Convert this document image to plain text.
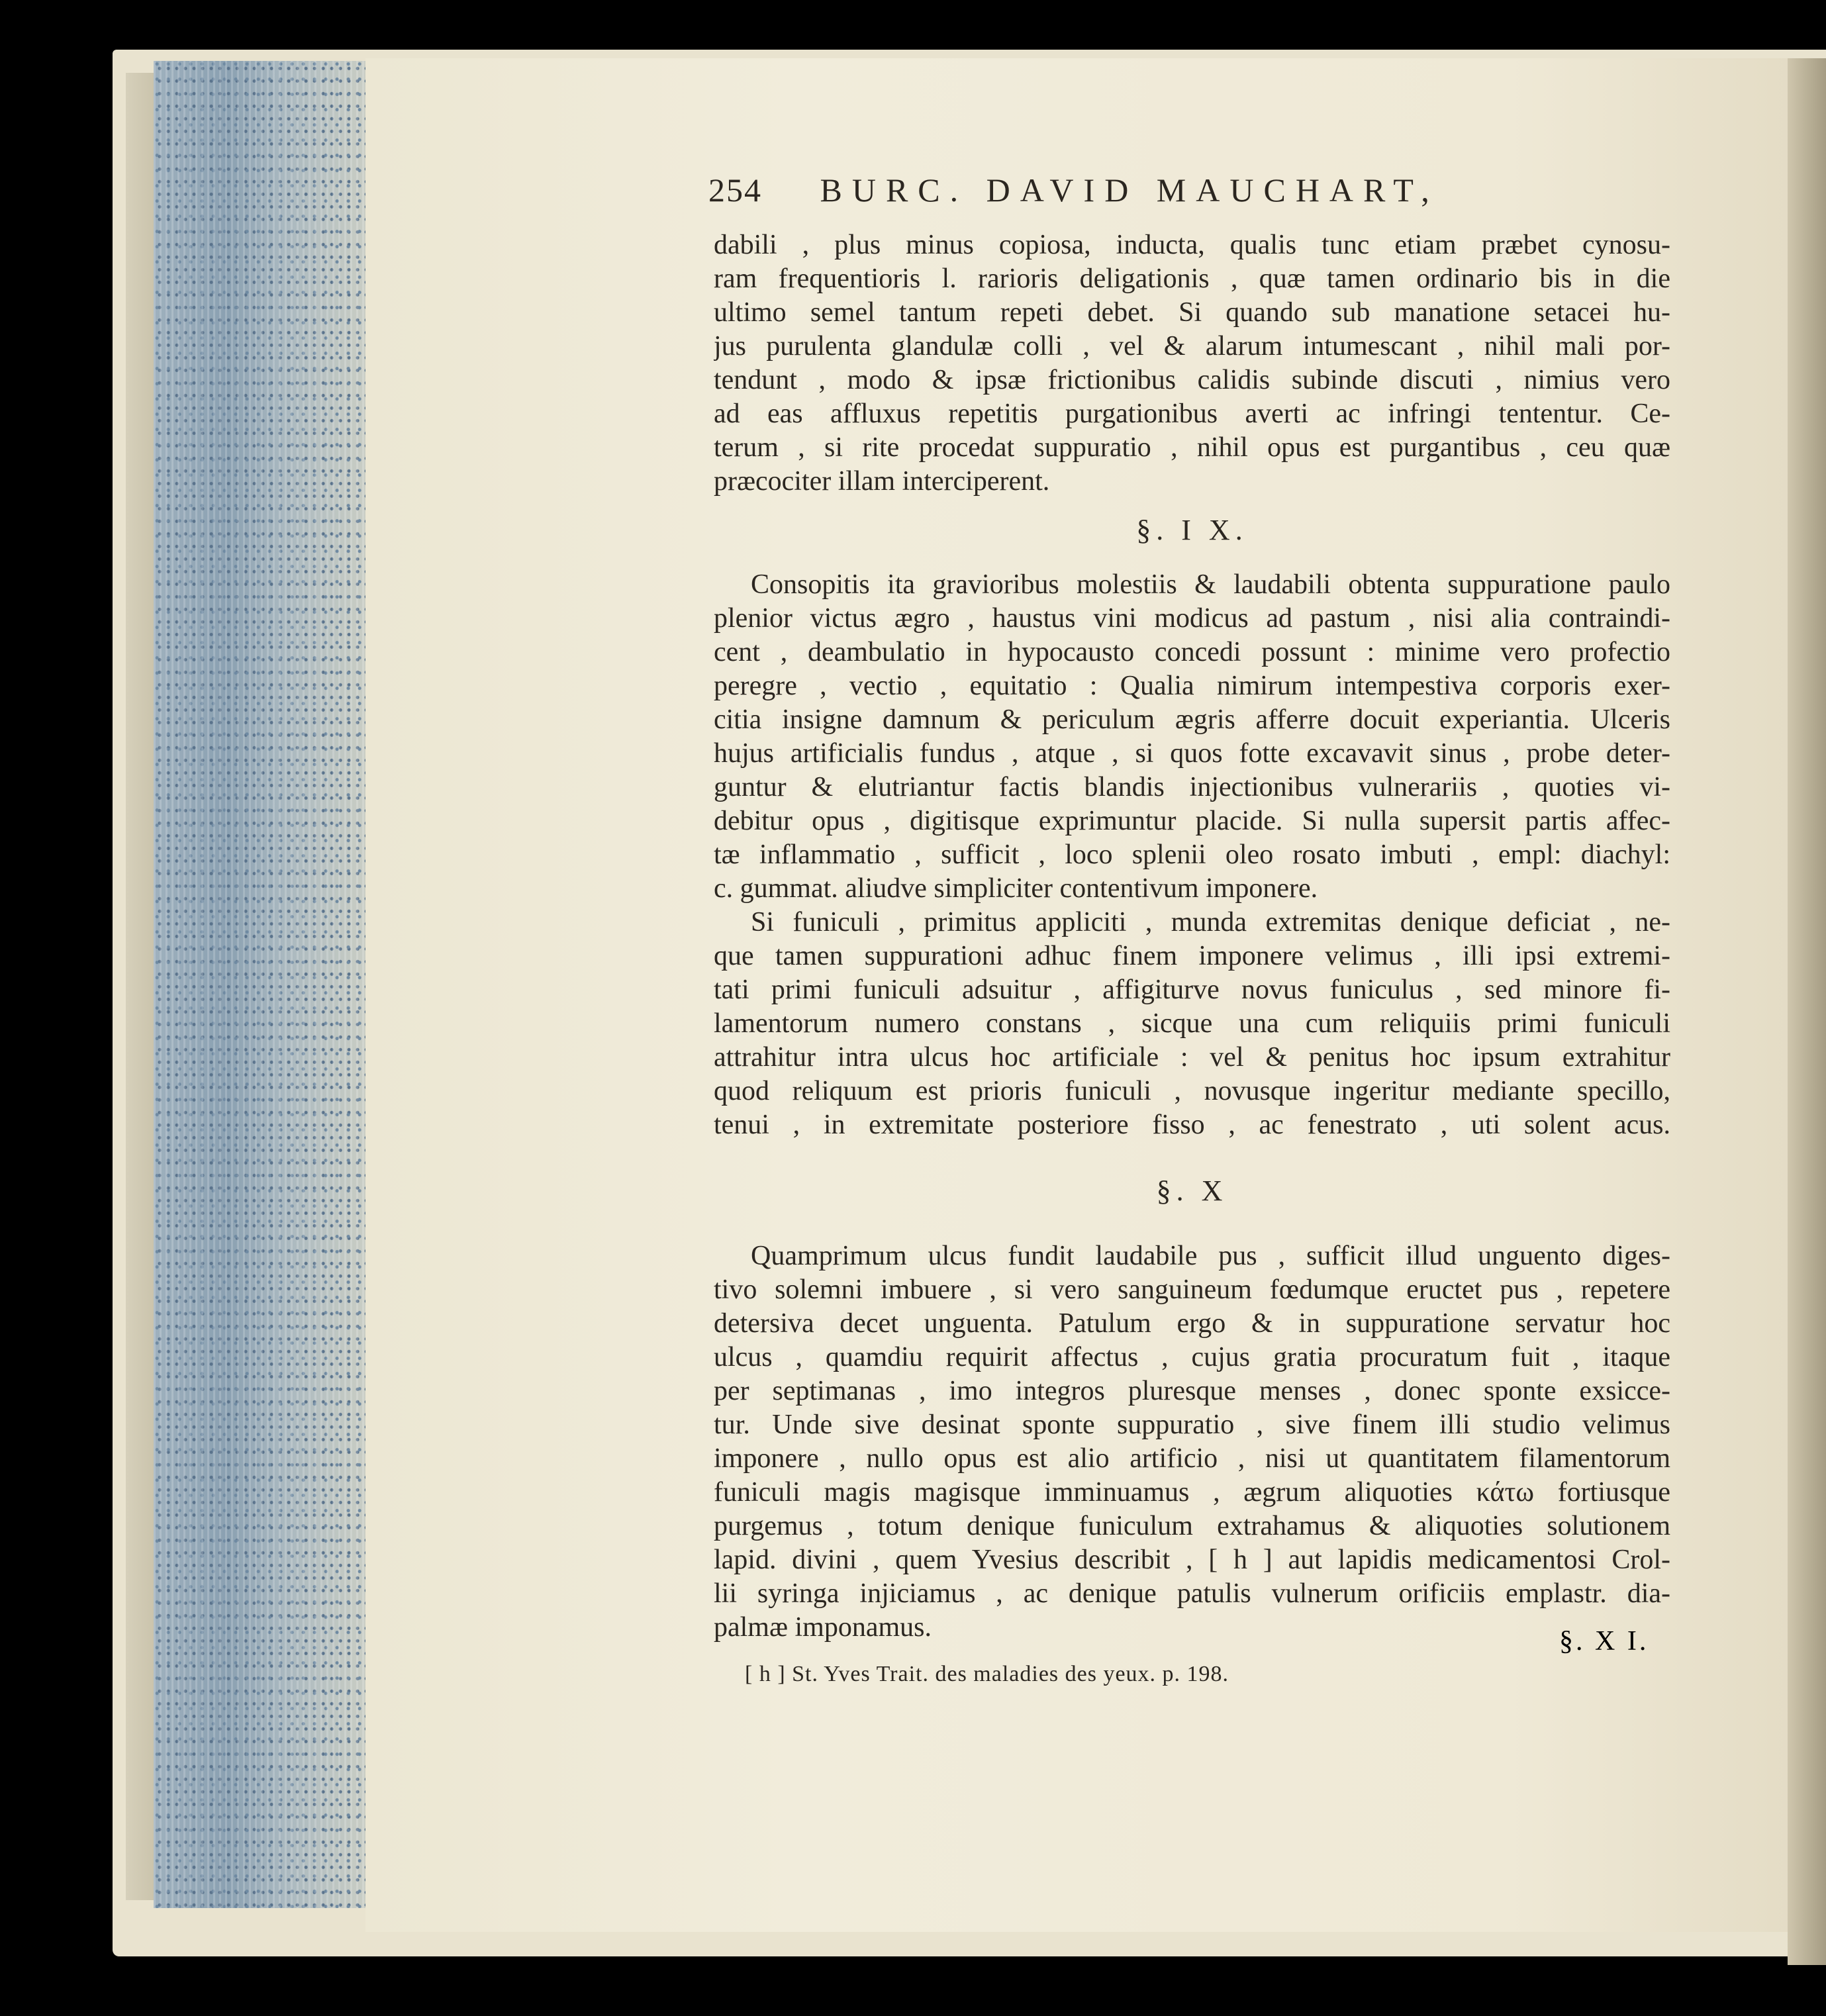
254 BURC. DAVID MAUCHART,
dabili , plus minus copiosa, inducta, qualis tunc etiam præbet cynosu-
ram frequentioris l. rarioris deligationis , quæ tamen ordinario bis in die
ultimo semel tantum repeti debet. Si quando sub manatione setacei hu-
jus purulenta glandulæ colli , vel & alarum intumescant , nihil mali por-
tendunt , modo & ipsæ frictionibus calidis subinde discuti , nimius vero
ad eas affluxus repetitis purgationibus averti ac infringi tententur. Ce-
terum , si rite procedat suppuratio , nihil opus est purgantibus , ceu quæ
præcociter illam interciperent.
§. I X.
Consopitis ita gravioribus molestiis & laudabili obtenta suppuratione paulo
plenior victus ægro , haustus vini modicus ad pastum , nisi alia contraindi-
cent , deambulatio in hypocausto concedi possunt : minime vero profectio
peregre , vectio , equitatio : Qualia nimirum intempestiva corporis exer-
citia insigne damnum & periculum ægris afferre docuit experiantia. Ulceris
hujus artificialis fundus , atque , si quos fotte excavavit sinus , probe deter-
guntur & elutriantur factis blandis injectionibus vulnerariis , quoties vi-
debitur opus , digitisque exprimuntur placide. Si nulla supersit partis affec-
tæ inflammatio , sufficit , loco splenii oleo rosato imbuti , empl: diachyl:
c. gummat. aliudve simpliciter contentivum imponere.
Si funiculi , primitus appliciti , munda extremitas denique deficiat , ne-
que tamen suppurationi adhuc finem imponere velimus , illi ipsi extremi-
tati primi funiculi adsuitur , affigiturve novus funiculus , sed minore fi-
lamentorum numero constans , sicque una cum reliquiis primi funiculi
attrahitur intra ulcus hoc artificiale : vel & penitus hoc ipsum extrahitur
quod reliquum est prioris funiculi , novusque ingeritur mediante specillo,
tenui , in extremitate posteriore fisso , ac fenestrato , uti solent acus.
§. X
Quamprimum ulcus fundit laudabile pus , sufficit illud unguento diges-
tivo solemni imbuere , si vero sanguineum fœdumque eructet pus , repetere
detersiva decet unguenta. Patulum ergo & in suppuratione servatur hoc
ulcus , quamdiu requirit affectus , cujus gratia procuratum fuit , itaque
per septimanas , imo integros pluresque menses , donec sponte exsicce-
tur. Unde sive desinat sponte suppuratio , sive finem illi studio velimus
imponere , nullo opus est alio artificio , nisi ut quantitatem filamentorum
funiculi magis magisque imminuamus , ægrum aliquoties κάτω fortiusque
purgemus , totum denique funiculum extrahamus & aliquoties solutionem
lapid. divini , quem Yvesius describit , [ h ] aut lapidis medicamentosi Crol-
lii syringa injiciamus , ac denique patulis vulnerum orificiis emplastr. dia-
palmæ imponamus.	§. X I.
[ h ] St. Yves Trait. des maladies des yeux. p. 198.
